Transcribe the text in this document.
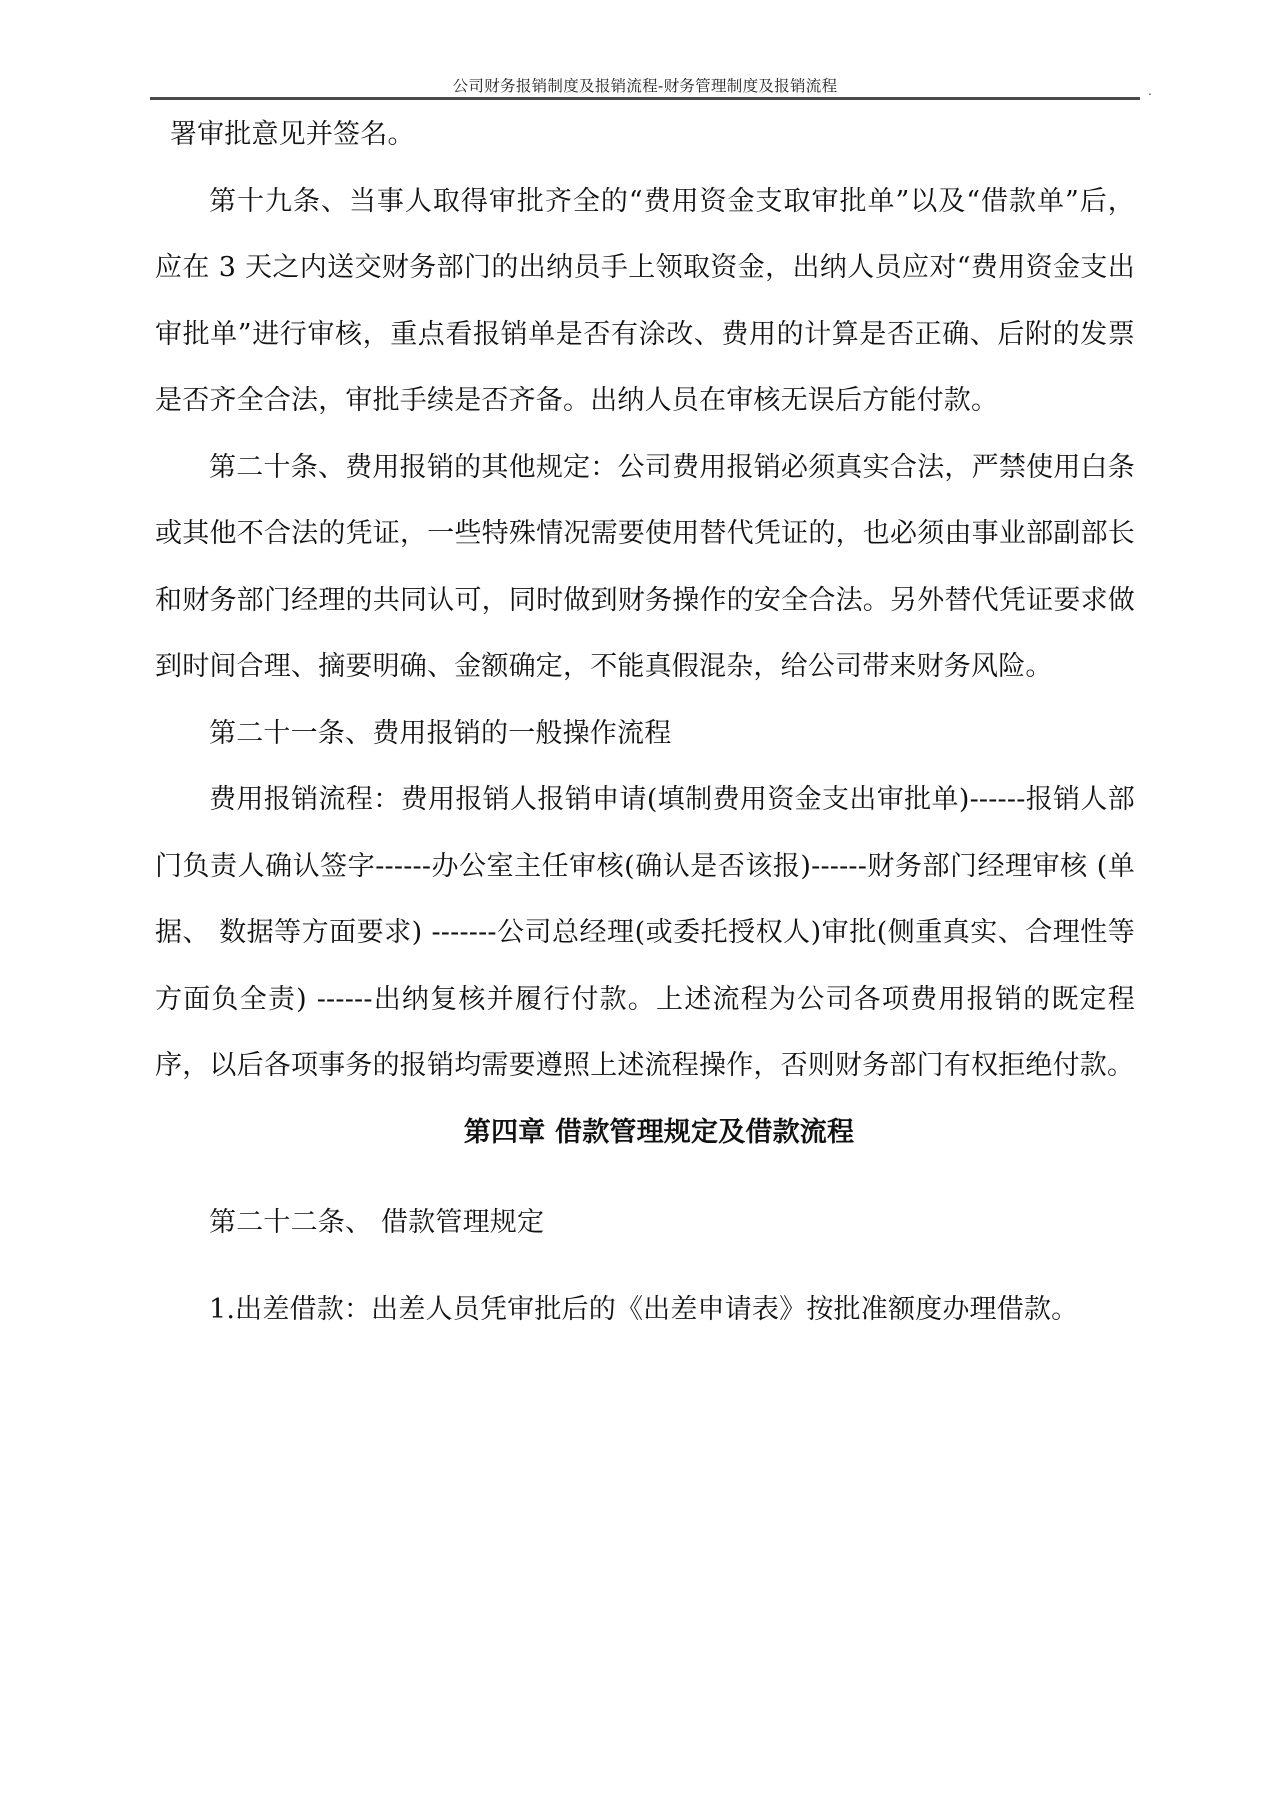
公司财务报销制度及报销流程-财务管理制度及报销流程	.

署审批意见并签名。

第十九条、当事人取得审批齐全的“费用资金支取审批单”以及“借款单”后，应在 3 天之内送交财务部门的出纳员手上领取资金，出纳人员应对“费用资金支出审批单”进行审核，重点看报销单是否有涂改、费用的计算是否正确、后附的发票是否齐全合法，审批手续是否齐备。出纳人员在审核无误后方能付款。

第二十条、费用报销的其他规定：公司费用报销必须真实合法，严禁使用白条或其他不合法的凭证，一些特殊情况需要使用替代凭证的，也必须由事业部副部长和财务部门经理的共同认可，同时做到财务操作的安全合法。另外替代凭证要求做到时间合理、摘要明确、金额确定，不能真假混杂，给公司带来财务风险。

第二十一条、费用报销的一般操作流程

费用报销流程：费用报销人报销申请(填制费用资金支出审批单)------报销人部门负责人确认签字------办公室主任审核(确认是否该报)------财务部门经理审核 (单据、 数据等方面要求) -------公司总经理(或委托授权人)审批(侧重真实、合理性等方面负全责) ------出纳复核并履行付款。上述流程为公司各项费用报销的既定程序，以后各项事务的报销均需要遵照上述流程操作，否则财务部门有权拒绝付款。

第四章 借款管理规定及借款流程

第二十二条、 借款管理规定

1.出差借款：出差人员凭审批后的《出差申请表》按批准额度办理借款。
